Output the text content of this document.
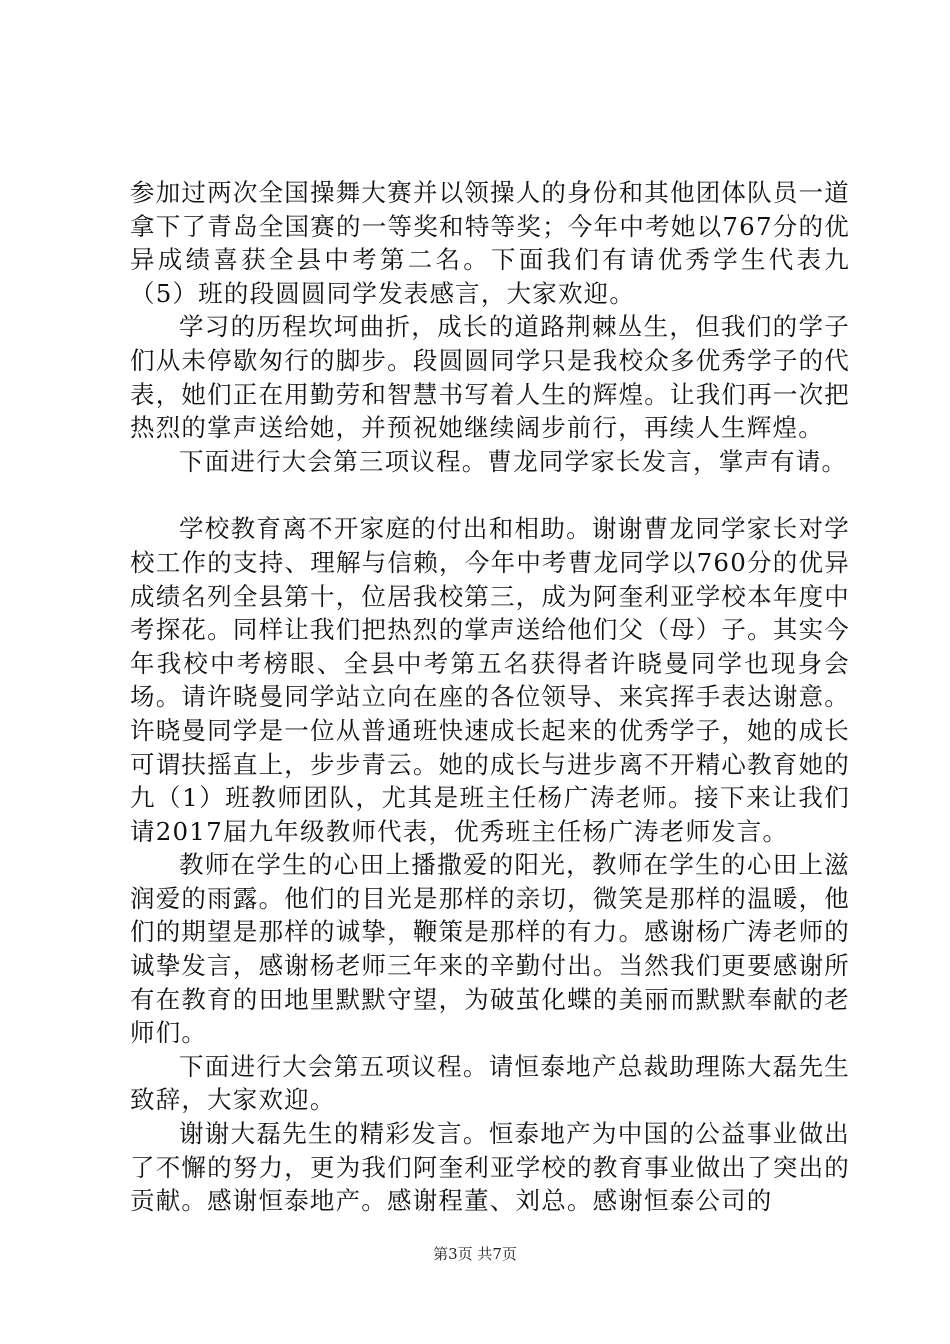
参加过两次全国操舞大赛并以领操人的身份和其他团体队员一道拿下了青岛全国赛的一等奖和特等奖；今年中考她以767分的优异成绩喜获全县中考第二名。下面我们有请优秀学生代表九（5）班的段圆圆同学发表感言，大家欢迎。

学习的历程坎坷曲折，成长的道路荆棘丛生，但我们的学子们从未停歇匆行的脚步。段圆圆同学只是我校众多优秀学子的代表，她们正在用勤劳和智慧书写着人生的辉煌。让我们再一次把热烈的掌声送给她，并预祝她继续阔步前行，再续人生辉煌。

下面进行大会第三项议程。曹龙同学家长发言，掌声有请。

学校教育离不开家庭的付出和相助。谢谢曹龙同学家长对学校工作的支持、理解与信赖，今年中考曹龙同学以760分的优异成绩名列全县第十，位居我校第三，成为阿奎利亚学校本年度中考探花。同样让我们把热烈的掌声送给他们父（母）子。其实今年我校中考榜眼、全县中考第五名获得者许晓曼同学也现身会场。请许晓曼同学站立向在座的各位领导、来宾挥手表达谢意。许晓曼同学是一位从普通班快速成长起来的优秀学子，她的成长可谓扶摇直上，步步青云。她的成长与进步离不开精心教育她的九（1）班教师团队，尤其是班主任杨广涛老师。接下来让我们请2017届九年级教师代表，优秀班主任杨广涛老师发言。

教师在学生的心田上播撒爱的阳光，教师在学生的心田上滋润爱的雨露。他们的目光是那样的亲切，微笑是那样的温暖，他们的期望是那样的诚挚，鞭策是那样的有力。感谢杨广涛老师的诚挚发言，感谢杨老师三年来的辛勤付出。当然我们更要感谢所有在教育的田地里默默守望，为破茧化蝶的美丽而默默奉献的老师们。

下面进行大会第五项议程。请恒泰地产总裁助理陈大磊先生致辞，大家欢迎。

谢谢大磊先生的精彩发言。恒泰地产为中国的公益事业做出了不懈的努力，更为我们阿奎利亚学校的教育事业做出了突出的贡献。感谢恒泰地产。感谢程董、刘总。感谢恒泰公司的

第3页 共7页
